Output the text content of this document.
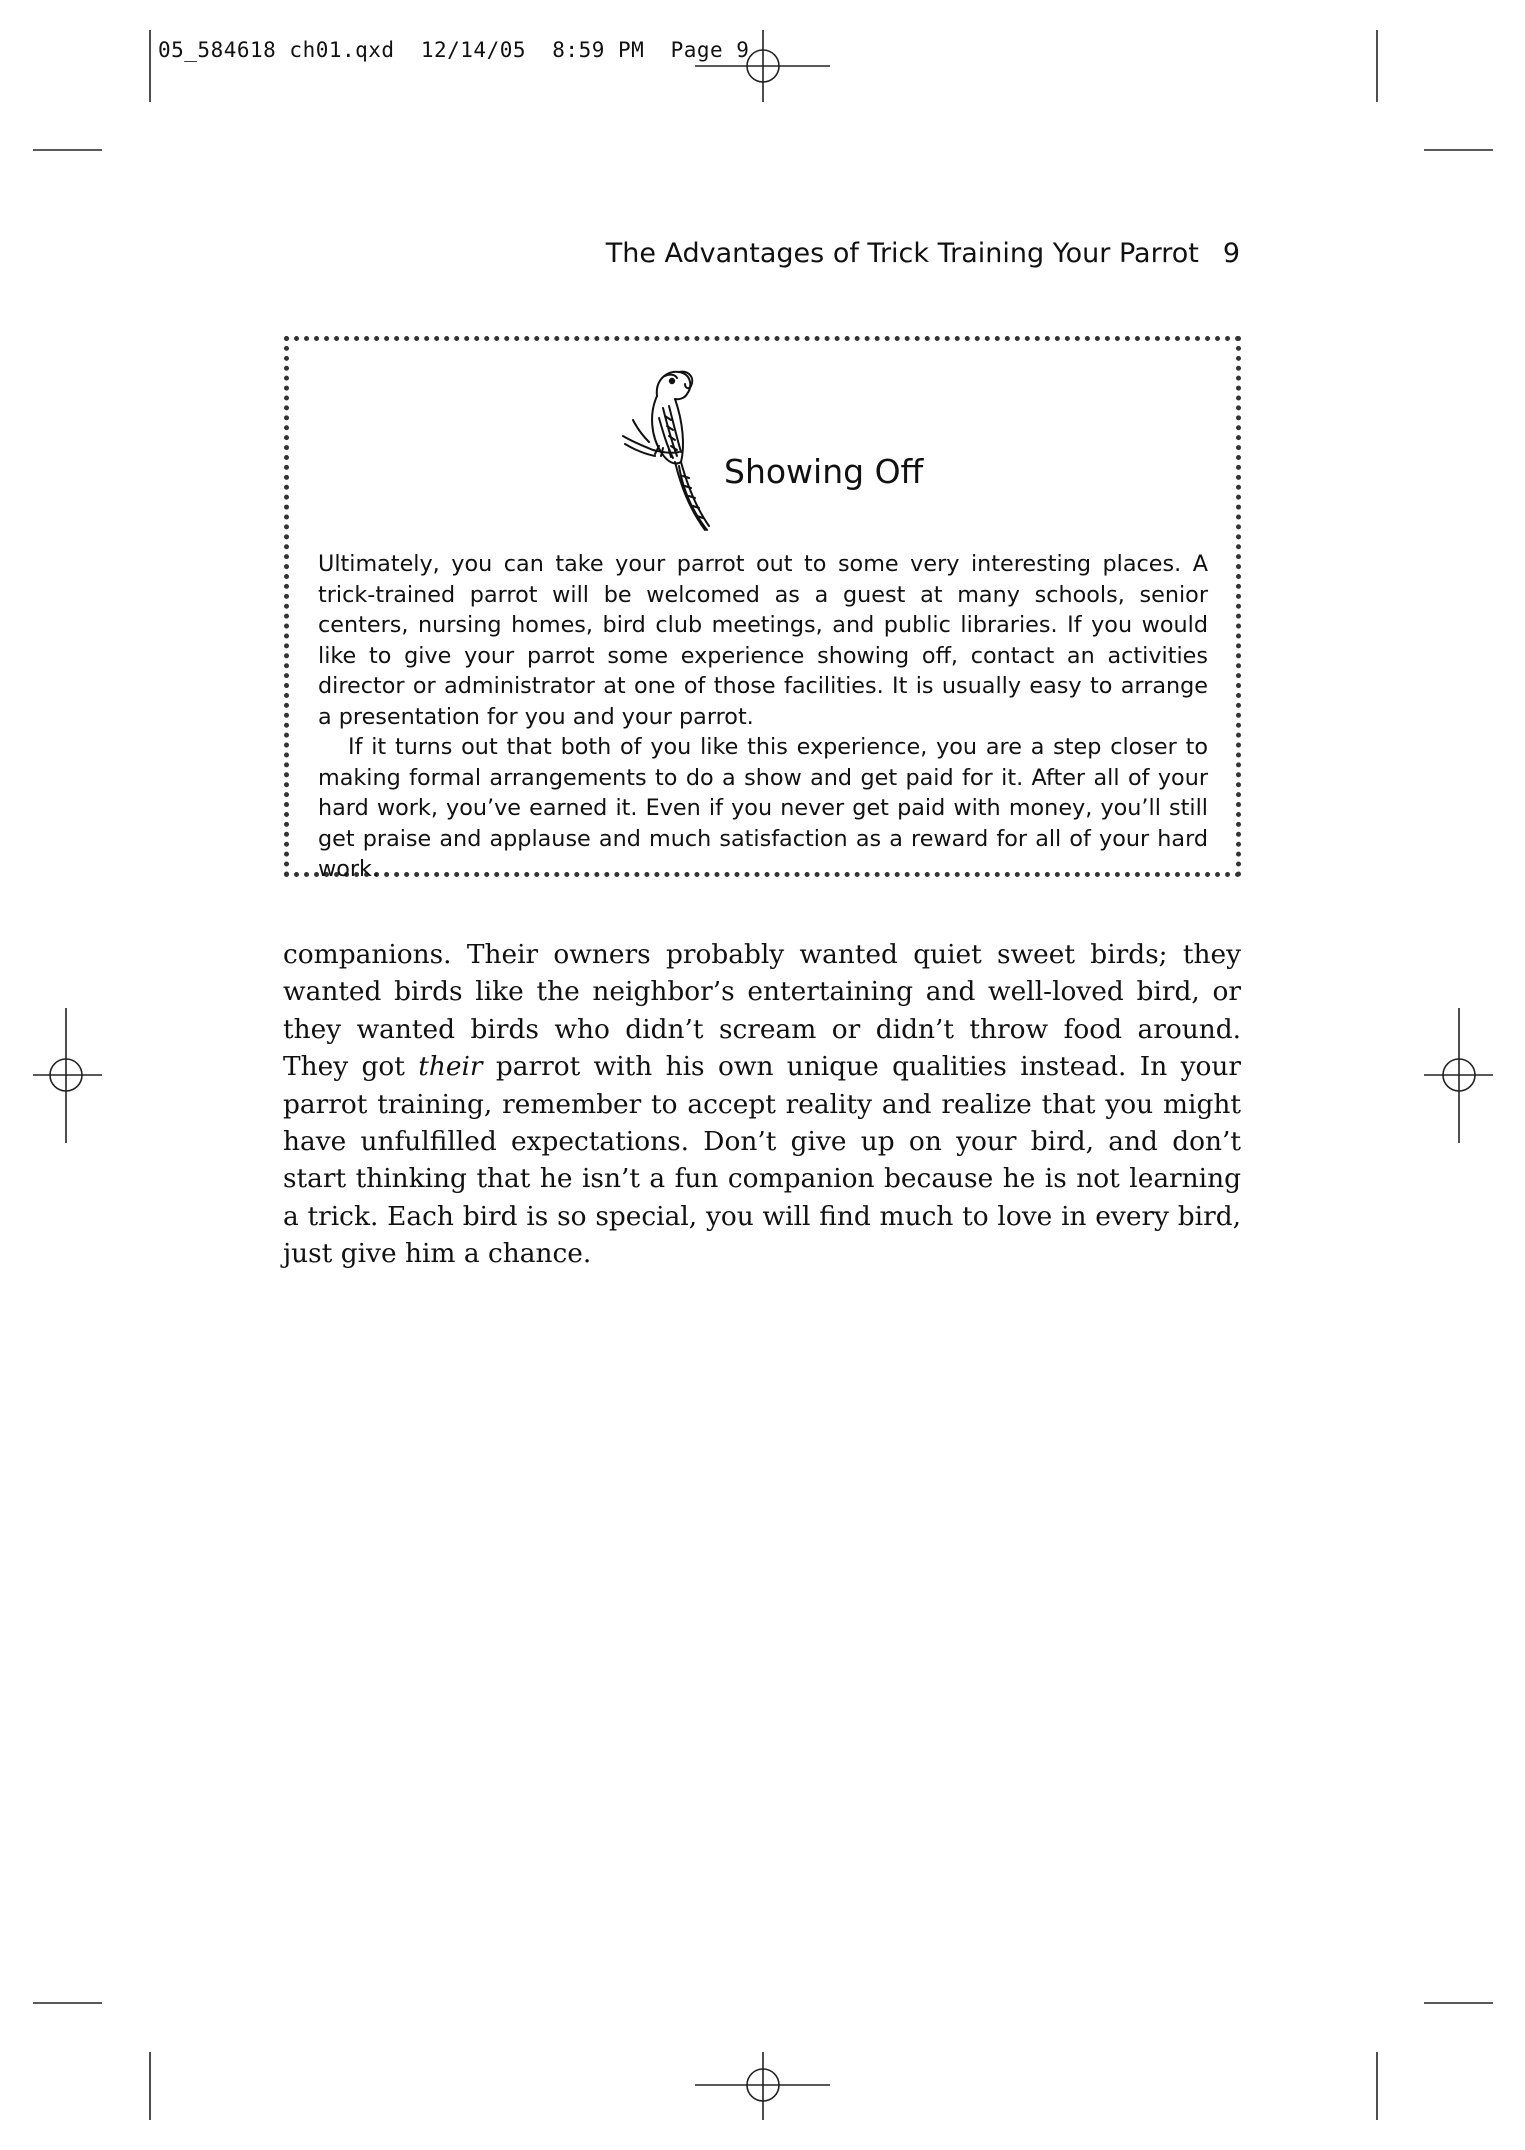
05_584618 ch01.qxd  12/14/05  8:59 PM  Page 9
The Advantages of Trick Training Your Parrot 9
Showing Off

Ultimately, you can take your parrot out to some very interesting places. A trick-trained parrot will be welcomed as a guest at many schools, senior centers, nursing homes, bird club meetings, and public libraries. If you would like to give your parrot some experience showing off, contact an activities director or administrator at one of those facilities. It is usually easy to arrange a presentation for you and your parrot.

If it turns out that both of you like this experience, you are a step closer to making formal arrangements to do a show and get paid for it. After all of your hard work, you’ve earned it. Even if you never get paid with money, you’ll still get praise and applause and much satisfaction as a reward for all of your hard work.

companions. Their owners probably wanted quiet sweet birds; they wanted birds like the neighbor’s entertaining and well-loved bird, or they wanted birds who didn’t scream or didn’t throw food around. They got their parrot with his own unique qualities instead. In your parrot training, remember to accept reality and realize that you might have unfulfilled expectations. Don’t give up on your bird, and don’t start thinking that he isn’t a fun companion because he is not learning a trick. Each bird is so special, you will find much to love in every bird, just give him a chance.
